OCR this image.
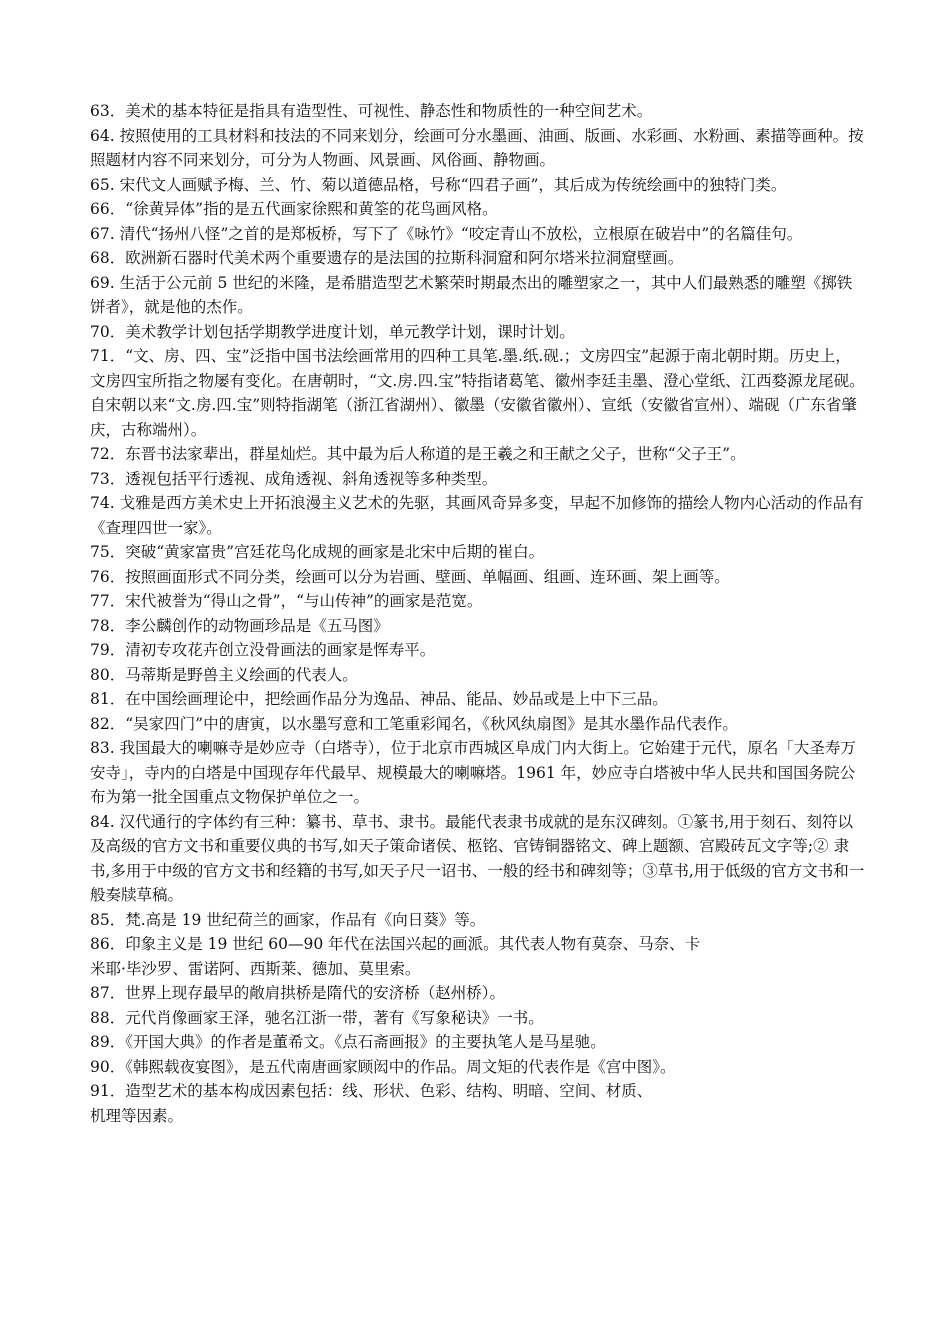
63．美术的基本特征是指具有造型性、可视性、静态性和物质性的一种空间艺术。

64. 按照使用的工具材料和技法的不同来划分，绘画可分水墨画、油画、版画、水彩画、水粉画、素描等画种。按照题材内容不同来划分，可分为人物画、风景画、风俗画、静物画。

65. 宋代文人画赋予梅、兰、竹、菊以道德品格，号称“四君子画”，其后成为传统绘画中的独特门类。

66．“徐黄异体”指的是五代画家徐熙和黄筌的花鸟画风格。

67. 清代“扬州八怪”之首的是郑板桥，写下了《咏竹》“咬定青山不放松，立根原在破岩中”的名篇佳句。

68．欧洲新石器时代美术两个重要遗存的是法国的拉斯科洞窟和阿尔塔米拉洞窟壁画。

69. 生活于公元前 5 世纪的米隆，是希腊造型艺术繁荣时期最杰出的雕塑家之一，其中人们最熟悉的雕塑《掷铁饼者》，就是他的杰作。

70．美术教学计划包括学期教学进度计划，单元教学计划，课时计划。

71．“文、房、四、宝”泛指中国书法绘画常用的四种工具笔.墨.纸.砚.；文房四宝”起源于南北朝时期。历史上，文房四宝所指之物屡有变化。在唐朝时，“文.房.四.宝”特指诸葛笔、徽州李廷圭墨、澄心堂纸、江西婺源龙尾砚。自宋朝以来“文.房.四.宝”则特指湖笔（浙江省湖州）、徽墨（安徽省徽州）、宣纸（安徽省宣州）、端砚（广东省肇庆，古称端州）。

72．东晋书法家辈出，群星灿烂。其中最为后人称道的是王羲之和王献之父子，世称“父子王”。

73．透视包括平行透视、成角透视、斜角透视等多种类型。

74. 戈雅是西方美术史上开拓浪漫主义艺术的先驱，其画风奇异多变，早起不加修饰的描绘人物内心活动的作品有《查理四世一家》。

75．突破“黄家富贵”宫廷花鸟化成规的画家是北宋中后期的崔白。

76．按照画面形式不同分类，绘画可以分为岩画、壁画、单幅画、组画、连环画、架上画等。

77．宋代被誉为“得山之骨”，“与山传神”的画家是范宽。

78．李公麟创作的动物画珍品是《五马图》

79．清初专攻花卉创立没骨画法的画家是恽寿平。

80．马蒂斯是野兽主义绘画的代表人。

81．在中国绘画理论中，把绘画作品分为逸品、神品、能品、妙品或是上中下三品。

82．“吴家四门”中的唐寅，以水墨写意和工笔重彩闻名，《秋风纨扇图》是其水墨作品代表作。

83. 我国最大的喇嘛寺是妙应寺（白塔寺），位于北京市西城区阜成门内大街上。它始建于元代，原名「大圣寿万安寺」，寺内的白塔是中国现存年代最早、规模最大的喇嘛塔。1961 年，妙应寺白塔被中华人民共和国国务院公布为第一批全国重点文物保护单位之一。

84. 汉代通行的字体约有三种：纂书、草书、隶书。最能代表隶书成就的是东汉碑刻。①篆书,用于刻石、刻符以及高级的官方文书和重要仪典的书写,如天子策命诸侯、柩铭、官铸铜器铭文、碑上题额、宫殿砖瓦文字等;② 隶书,多用于中级的官方文书和经籍的书写,如天子尺一诏书、一般的经书和碑刻等；③草书,用于低级的官方文书和一般奏牍草稿。

85．梵.高是 19 世纪荷兰的画家，作品有《向日葵》等。

86．印象主义是 19 世纪 60—90 年代在法国兴起的画派。其代表人物有莫奈、马奈、卡

米耶·毕沙罗、雷诺阿、西斯莱、德加、莫里索。

87．世界上现存最早的敞肩拱桥是隋代的安济桥（赵州桥）。

88．元代肖像画家王泽，驰名江浙一带，著有《写象秘诀》一书。

89．《开国大典》的作者是董希文。《点石斋画报》的主要执笔人是马星驰。

90．《韩熙载夜宴图》，是五代南唐画家顾闳中的作品。周文矩的代表作是《宫中图》。

91．造型艺术的基本构成因素包括：线、形状、色彩、结构、明暗、空间、材质、

机理等因素。
